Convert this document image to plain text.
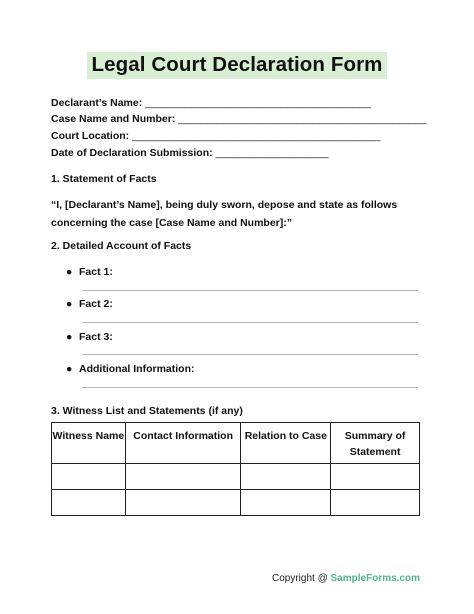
Legal Court Declaration Form
Declarant’s Name: ________________________________________
Case Name and Number: ____________________________________________
Court Location: ____________________________________________
Date of Declaration Submission: ____________________
1. Statement of Facts
“I, [Declarant’s Name], being duly sworn, depose and state as follows concerning the case [Case Name and Number]:”
2. Detailed Account of Facts
● Fact 1:
● Fact 2:
● Fact 3:
● Additional Information:
3. Witness List and Statements (if any)
Witness Name	Contact Information	Relation to Case	Summary of Statement

Copyright @ SampleForms.com
